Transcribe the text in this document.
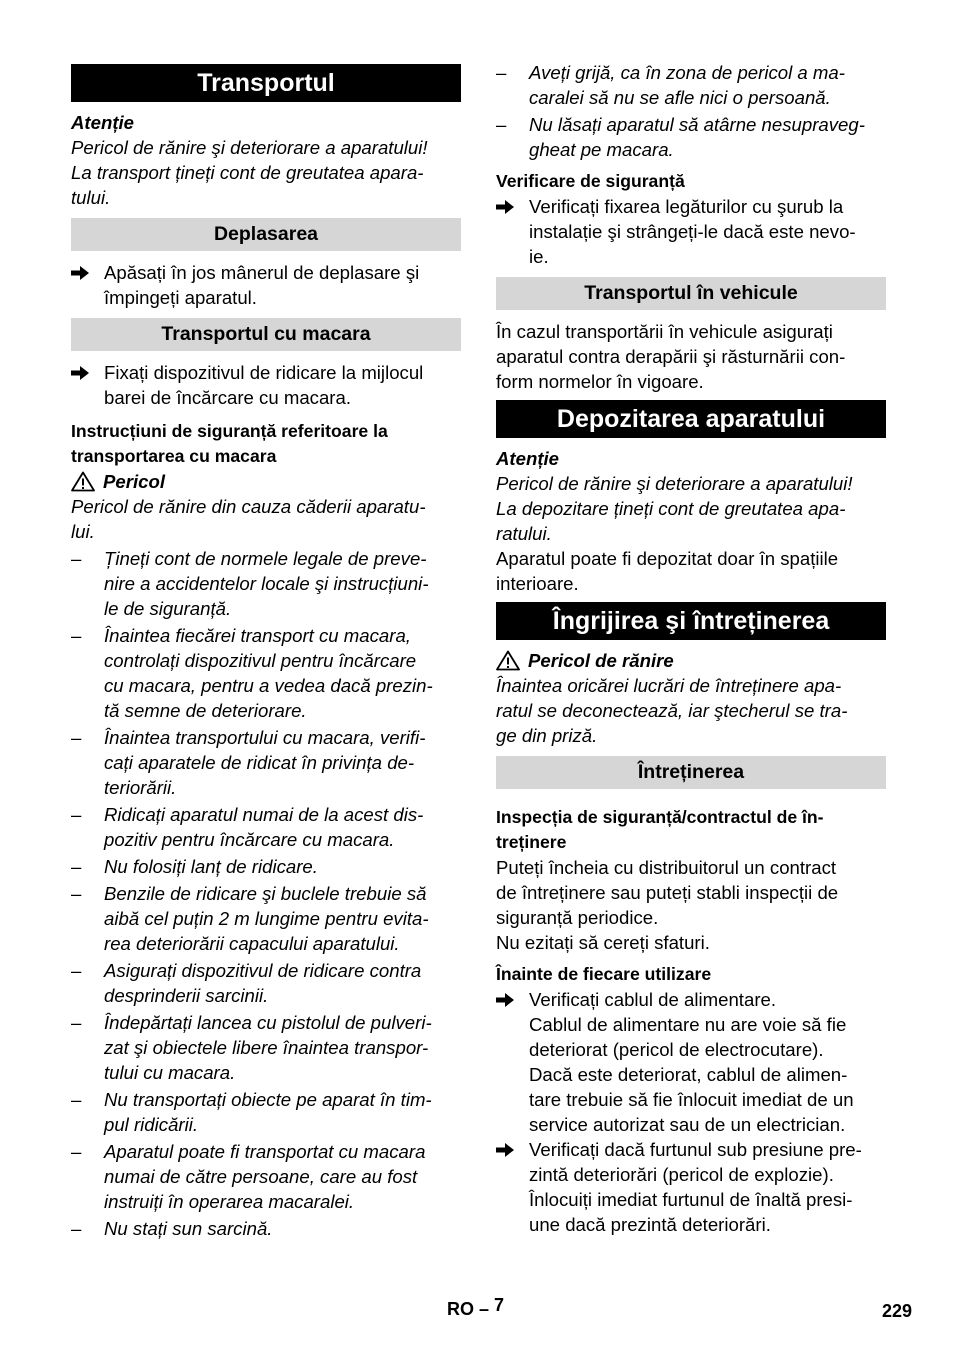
Transportul

Atenție

Pericol de rănire şi deteriorare a aparatului!
La transport țineți cont de greutatea apara-
tului.
Deplasarea
Apăsați în jos mânerul de deplasare şi
împingeți aparatul.
Transportul cu macara
Fixați dispozitivul de ridicare la mijlocul
barei de încărcare cu macara.
Instrucțiuni de siguranță referitoare la
transportarea cu macara
Pericol
Pericol de rănire din cauza căderii aparatu-
lui.
– Țineți cont de normele legale de preve-
nire a accidentelor locale şi instrucțiuni-
le de siguranță.
– Înaintea fiecărei transport cu macara,
controlați dispozitivul pentru încărcare
cu macara, pentru a vedea dacă prezin-
tă semne de deteriorare.
– Înaintea transportului cu macara, verifi-
cați aparatele de ridicat în privința de-
teriorării.
– Ridicați aparatul numai de la acest dis-
pozitiv pentru încărcare cu macara.
– Nu folosiți lanț de ridicare.
– Benzile de ridicare şi buclele trebuie să
aibă cel puțin 2 m lungime pentru evita-
rea deteriorării capacului aparatului.
– Asigurați dispozitivul de ridicare contra
desprinderii sarcinii.
– Îndepărtați lancea cu pistolul de pulveri-
zat şi obiectele libere înaintea transpor-
tului cu macara.
– Nu transportați obiecte pe aparat în tim-
pul ridicării.
– Aparatul poate fi transportat cu macara
numai de către persoane, care au fost
instruiți în operarea macaralei.
– Nu stați sun sarcină.
– Aveți grijă, ca în zona de pericol a ma-
caralei să nu se afle nici o persoană.
– Nu lăsați aparatul să atârne nesupraveg-
gheat pe macara.
Verificare de siguranță
Verificați fixarea legăturilor cu şurub la
instalație şi strângeți-le dacă este nevo-
ie.
Transportul în vehicule
În cazul transportării în vehicule asigurați
aparatul contra derapării şi răsturnării con-
form normelor în vigoare.
Depozitarea aparatului

Atenție

Pericol de rănire şi deteriorare a aparatului!
La depozitare țineți cont de greutatea apa-
ratului.
Aparatul poate fi depozitat doar în spațiile
interioare.
Îngrijirea şi întreținerea
Pericol de rănire
Înaintea oricărei lucrări de întreținere apa-
ratul se deconectează, iar ştecherul se tra-
ge din priză.
Întreținerea
Inspecția de siguranță/contractul de în-
treținere
Puteți încheia cu distribuitorul un contract
de întreținere sau puteți stabli inspecții de
siguranță periodice.
Nu ezitați să cereți sfaturi.
Înainte de fiecare utilizare
Verificați cablul de alimentare.
Cablul de alimentare nu are voie să fie
deteriorat (pericol de electrocutare).
Dacă este deteriorat, cablul de alimen-
tare trebuie să fie înlocuit imediat de un
service autorizat sau de un electrician.
Verificați dacă furtunul sub presiune pre-
zintă deteriorări (pericol de explozie).
Înlocuiți imediat furtunul de înaltă presi-
une dacă prezintă deteriorări.
RO – 7	229
